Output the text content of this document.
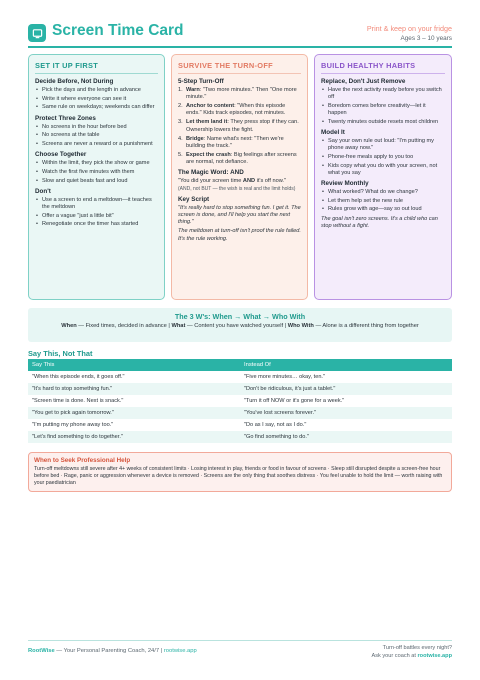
Screen Time Card	Print & keep on your fridge
Ages 3 – 10 years
SET IT UP FIRST
Decide Before, Not During
• Pick the days and the length in advance
• Write it where everyone can see it
• Same rule on weekdays; weekends can differ
Protect Three Zones
• No screens in the hour before bed
• No screens at the table
• Screens are never a reward or a punishment
Choose Together
• Within the limit, they pick the show or game
• Watch the first five minutes with them
• Slow and quiet beats fast and loud
Don't
• Use a screen to end a meltdown—it teaches the meltdown
• Offer a vague "just a little bit"
• Renegotiate once the timer has started
SURVIVE THE TURN-OFF
5-Step Turn-Off
1. Warn: "Two more minutes." Then "One more minute."
2. Anchor to content: "When this episode ends." Kids track episodes, not minutes.
3. Let them land it: They press stop if they can. Ownership lowers the fight.
4. Bridge: Name what's next: "Then we're building the track."
5. Expect the crash: Big feelings after screens are normal, not defiance.
The Magic Word: AND
"You did your screen time AND it's off now."
(AND, not BUT — the wish is real and the limit holds)
Key Script
"It's really hard to stop something fun. I get it. The screen is done, and I'll help you start the next thing."
The meltdown at turn-off isn't proof the rule failed. It's the rule working.
BUILD HEALTHY HABITS
Replace, Don't Just Remove
• Have the next activity ready before you switch off
• Boredom comes before creativity—let it happen
• Twenty minutes outside resets most children
Model It
• Say your own rule out loud: "I'm putting my phone away now."
• Phone-free meals apply to you too
• Kids copy what you do with your screen, not what you say
Review Monthly
• What worked? What do we change?
• Let them help set the new rule
• Rules grow with age—say so out loud
The goal isn't zero screens. It's a child who can stop without a fight.
The 3 W's: When → What → Who With
When — Fixed times, decided in advance | What — Content you have watched yourself | Who With — Alone is a different thing from together
Say This, Not That
Say This	Instead Of
"When this episode ends, it goes off."	"Five more minutes… okay, ten."
"It's hard to stop something fun."	"Don't be ridiculous, it's just a tablet."
"Screen time is done. Next is snack."	"Turn it off NOW or it's gone for a week."
"You get to pick again tomorrow."	"You've lost screens forever."
"I'm putting my phone away too."	"Do as I say, not as I do."
"Let's find something to do together."	"Go find something to do."
When to Seek Professional Help
Turn-off meltdowns still severe after 4+ weeks of consistent limits · Losing interest in play, friends or food in favour of screens · Sleep still disrupted despite a screen-free hour before bed · Rage, panic or aggression whenever a device is removed · Screens are the only thing that soothes distress · You feel unable to hold the limit — worth raising with your paediatrician
RootWise — Your Personal Parenting Coach, 24/7 | rootwise.app	Turn-off battles every night?
Ask your coach at rootwise.app
